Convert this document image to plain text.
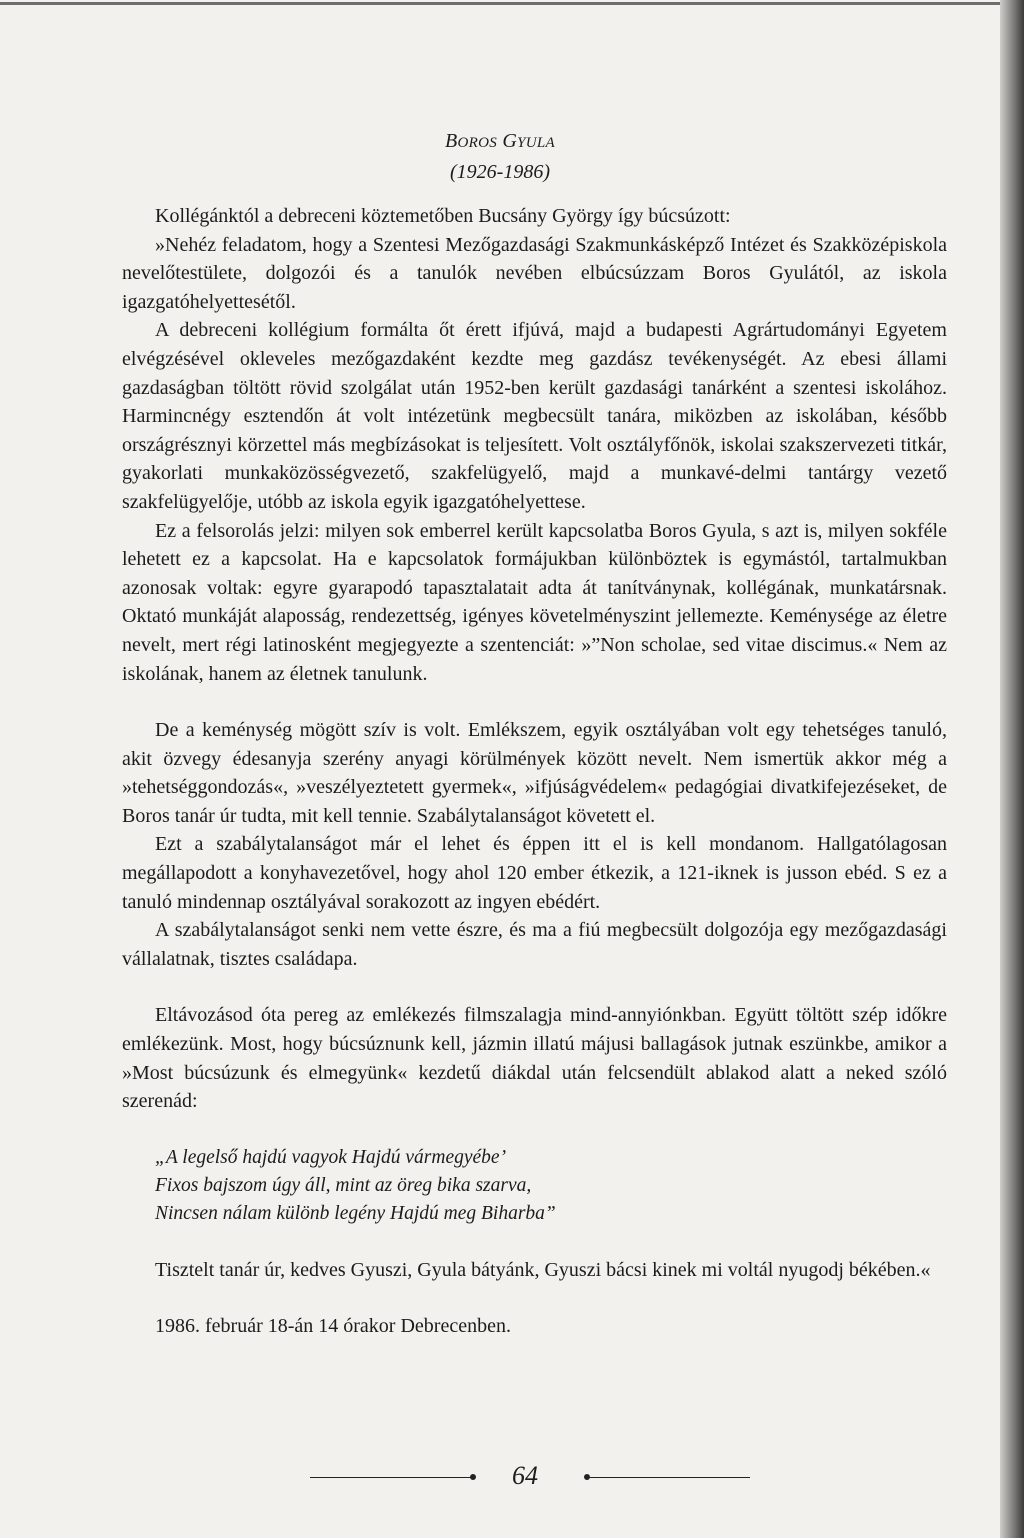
BOROS GYULA
(1926-1986)

Kollégánktól a debreceni köztemetőben Bucsány György így búcsúzott:

»Nehéz feladatom, hogy a Szentesi Mezőgazdasági Szakmunkásképző Intézet és Szakközépiskola nevelőtestülete, dolgozói és a tanulók nevében elbúcsúzzam Boros Gyulától, az iskola igazgatóhelyettesétől.

A debreceni kollégium formálta őt érett ifjúvá, majd a budapesti Agrártudományi Egyetem elvégzésével okleveles mezőgazdaként kezdte meg gazdász tevékenységét. Az ebesi állami gazdaságban töltött rövid szolgálat után 1952-ben került gazdasági tanárként a szentesi iskolához. Harmincnégy esztendőn át volt intézetünk megbecsült tanára, miközben az iskolában, később országrésznyi körzettel más megbízásokat is teljesített. Volt osztályfőnök, iskolai szakszervezeti titkár, gyakorlati munkaközösségvezető, szakfelügyelő, majd a munkavé-delmi tantárgy vezető szakfelügyelője, utóbb az iskola egyik igazgatóhelyettese.

Ez a felsorolás jelzi: milyen sok emberrel került kapcsolatba Boros Gyula, s azt is, milyen sokféle lehetett ez a kapcsolat. Ha e kapcsolatok formájukban különböztek is egymástól, tartalmukban azonosak voltak: egyre gyarapodó tapasztalatait adta át tanítványnak, kollégának, munkatársnak. Oktató munkáját alaposság, rendezettség, igényes követelményszint jellemezte. Keménysége az életre nevelt, mert régi latinosként megjegyezte a szentenciát: »”Non scholae, sed vitae discimus.« Nem az iskolának, hanem az életnek tanulunk.

De a keménység mögött szív is volt. Emlékszem, egyik osztályában volt egy tehetséges tanuló, akit özvegy édesanyja szerény anyagi körülmények között nevelt. Nem ismertük akkor még a »tehetséggondozás«, »veszélyeztetett gyermek«, »ifjúságvédelem« pedagógiai divatkifejezéseket, de Boros tanár úr tudta, mit kell tennie. Szabálytalanságot követett el.

Ezt a szabálytalanságot már el lehet és éppen itt el is kell mondanom. Hallgatólagosan megállapodott a konyhavezetővel, hogy ahol 120 ember étkezik, a 121-iknek is jusson ebéd. S ez a tanuló mindennap osztályával sorakozott az ingyen ebédért.

A szabálytalanságot senki nem vette észre, és ma a fiú megbecsült dolgozója egy mezőgazdasági vállalatnak, tisztes családapa.

Eltávozásod óta pereg az emlékezés filmszalagja mind-annyiónkban. Együtt töltött szép időkre emlékezünk. Most, hogy búcsúznunk kell, jázmin illatú májusi ballagások jutnak eszünkbe, amikor a »Most búcsúzunk és elmegyünk« kezdetű diákdal után felcsendült ablakod alatt a neked szóló szerenád:

„A legelső hajdú vagyok Hajdú vármegyébe’
Fixos bajszom úgy áll, mint az öreg bika szarva,
Nincsen nálam különb legény Hajdú meg Biharba”

Tisztelt tanár úr, kedves Gyuszi, Gyula bátyánk, Gyuszi bácsi kinek mi voltál nyugodj békében.«

1986. február 18-án 14 órakor Debrecenben.

64
